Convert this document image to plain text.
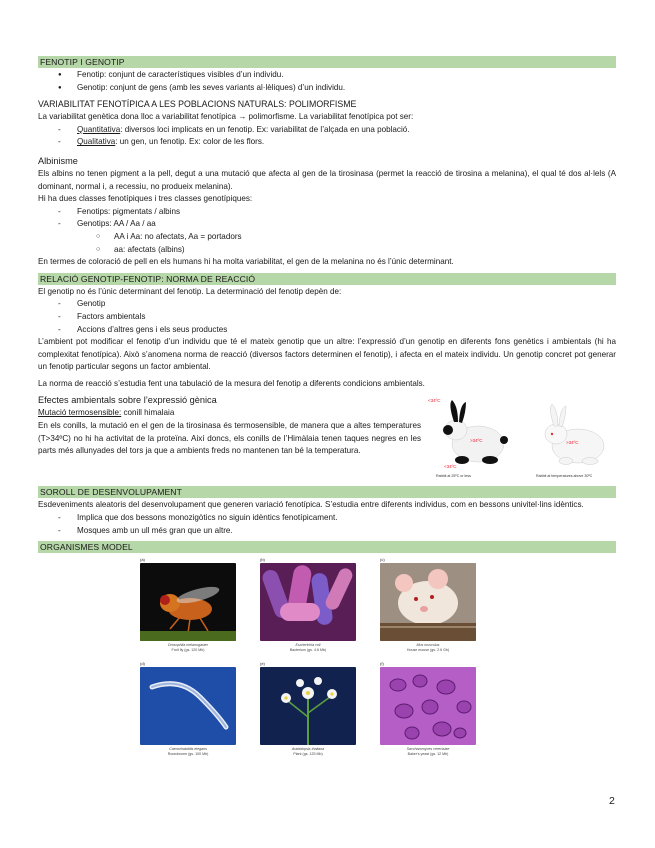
FENOTIP I GENOTIP
● Fenotip: conjunt de característiques visibles d’un individu.
● Genotip: conjunt de gens (amb les seves variants al·lèliques) d’un individu.

VARIABILITAT FENOTÍPICA A LES POBLACIONS NATURALS: POLIMORFISME

La variabilitat genètica dona lloc a variabilitat fenotípica → polimorfisme. La variabilitat fenotípica pot ser:

- Quantitativa: diversos loci implicats en un fenotip. Ex: variabilitat de l’alçada en una població.
- Qualitativa: un gen, un fenotip. Ex: color de les flors.

Albinisme

Els albins no tenen pigment a la pell, degut a una mutació que afecta al gen de la tirosinasa (permet la reacció de tirosina a melanina), el qual té dos al·lels (A dominant, normal i, a recessiu, no produeix melanina).

Hi ha dues classes fenotípiques i tres classes genotípiques:

- Fenotips: pigmentats / albins
- Genotips: AA / Aa / aa
○ AA i Aa: no afectats, Aa = portadors
○ aa: afectats (albins)

En termes de coloració de pell en els humans hi ha molta variabilitat, el gen de la melanina no és l’únic determinant.

RELACIÓ GENOTIP-FENOTIP: NORMA DE REACCIÓ

El genotip no és l’únic determinant del fenotip. La determinació del fenotip depèn de:

- Genotip
- Factors ambientals
- Accions d’altres gens i els seus productes

L’ambient pot modificar el fenotip d’un individu que té el mateix genotip que un altre: l’expressió d’un genotip en diferents fons genètics i ambientals (hi ha complexitat fenotípica). Això s’anomena norma de reacció (diversos factors determinen el fenotip), i afecta en el mateix individu. Un genotip concret pot generar un fenotip particular segons un factor ambiental.

La norma de reacció s’estudia fent una tabulació de la mesura del fenotip a diferents condicions ambientals.

Efectes ambientals sobre l’expressió gènica

Mutació termosensible: conill himalaia

En els conills, la mutació en el gen de la tirosinasa és termosensible, de manera que a altes temperatures (T>34ºC) no hi ha activitat de la proteïna. Així doncs, els conills de l’Himàlaia tenen taques negres en les parts més allunyades del tors ja que a ambients freds no mantenen tan bé la temperatura.

<34ºC
>34ºC
<34ºC
>34ºC
Rabbit at 25ºC or less	Rabbit at temperatures above 30ºC
SOROLL DE DESENVOLUPAMENT

Esdeveniments aleatoris del desenvolupament que generen variació fenotípica. S’estudia entre diferents individus, com en bessons univitel·lins idèntics.

- Implica que dos bessons monozigòtics no siguin idèntics fenotípicament.
- Mosques amb un ull més gran que un altre.
ORGANISMES MODEL
(a)
Drosophila melanogaster
Fruit fly (gs. 120 Mb)
(b)
Escherichia coli
Bacterium (gs. 4.6 Mb)
(c)
Mus musculus
House mouse (gs. 2.6 Gb)
(d)
Caenorhabditis elegans
Roundworm (gs. 100 Mb)
(e)
Arabidopsis thaliana
Plant (gs. 125 Mb)
(f)
Saccharomyces cerevisiae
Baker's yeast (gs. 12 Mb)
2
